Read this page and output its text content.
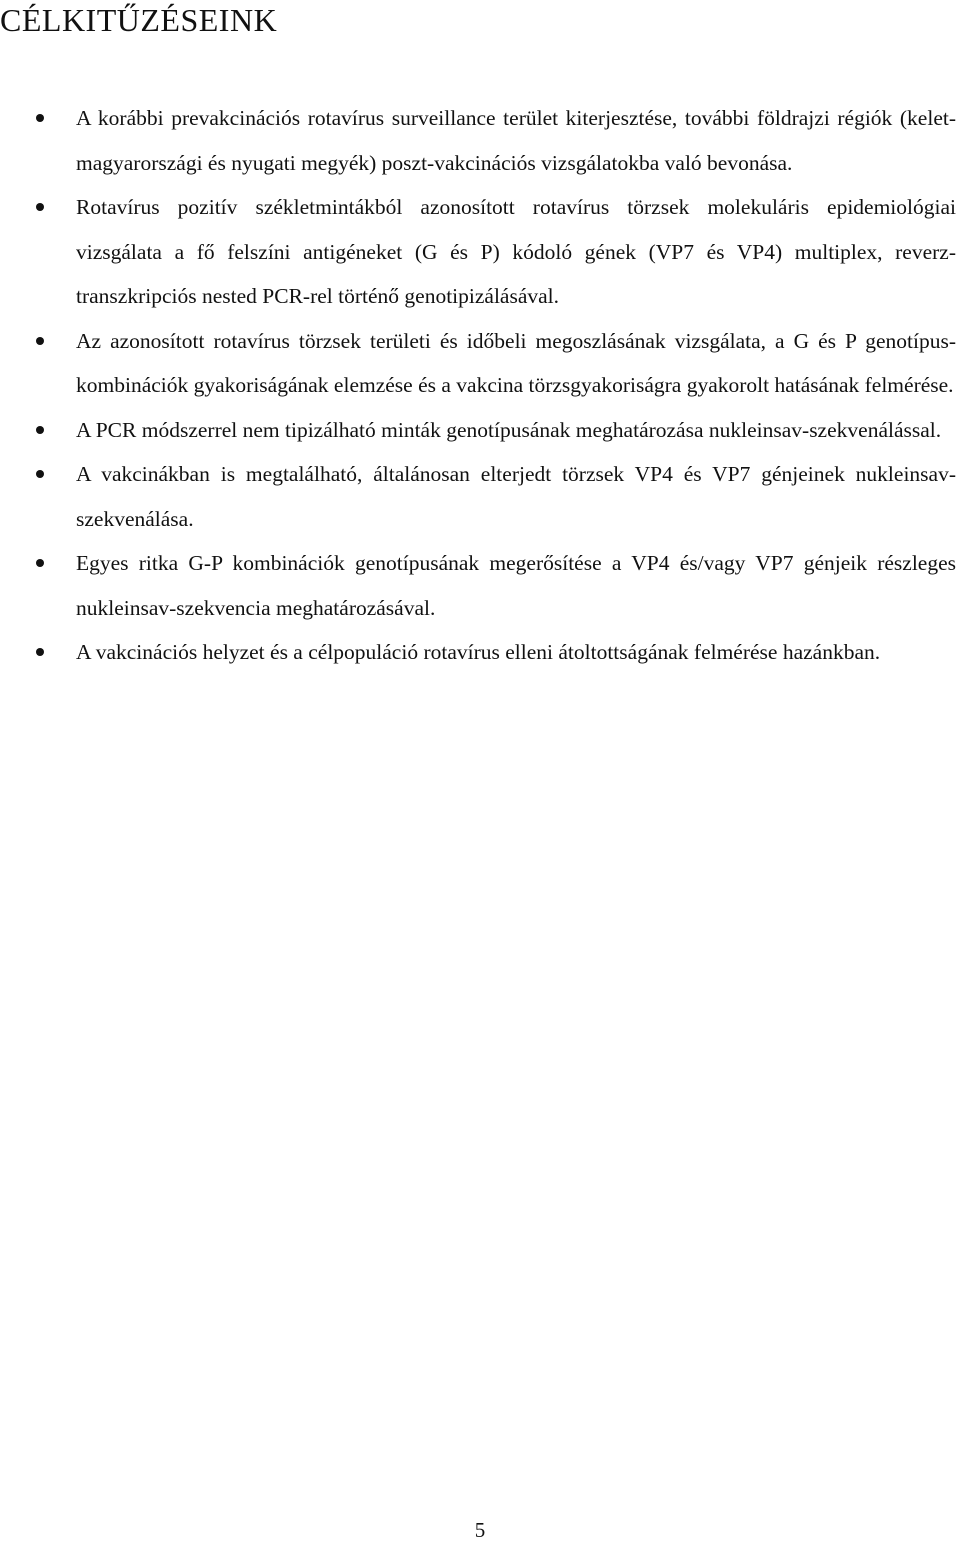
CÉLKITŰZÉSEINK
A korábbi prevakcinációs rotavírus surveillance terület kiterjesztése, további földrajzi régiók (kelet-magyarországi és nyugati megyék) poszt-vakcinációs vizsgálatokba való bevonása.
Rotavírus pozitív székletmintákból azonosított rotavírus törzsek molekuláris epidemiológiai vizsgálata a fő felszíni antigéneket (G és P) kódoló gének (VP7 és VP4) multiplex, reverz-transzkripciós nested PCR-rel történő genotipizálásával.
Az azonosított rotavírus törzsek területi és időbeli megoszlásának vizsgálata, a G és P genotípus-kombinációk gyakoriságának elemzése és a vakcina törzsgyakoriságra gyakorolt hatásának felmérése.
A PCR módszerrel nem tipizálható minták genotípusának meghatározása nukleinsav-szekvenálással.
A vakcinákban is megtalálható, általánosan elterjedt törzsek VP4 és VP7 génjeinek nukleinsav-szekvenálása.
Egyes ritka G-P kombinációk genotípusának megerősítése a VP4 és/vagy VP7 génjeik részleges nukleinsav-szekvencia meghatározásával.
A vakcinációs helyzet és a célpopuláció rotavírus elleni átoltottságának felmérése hazánkban.
5
